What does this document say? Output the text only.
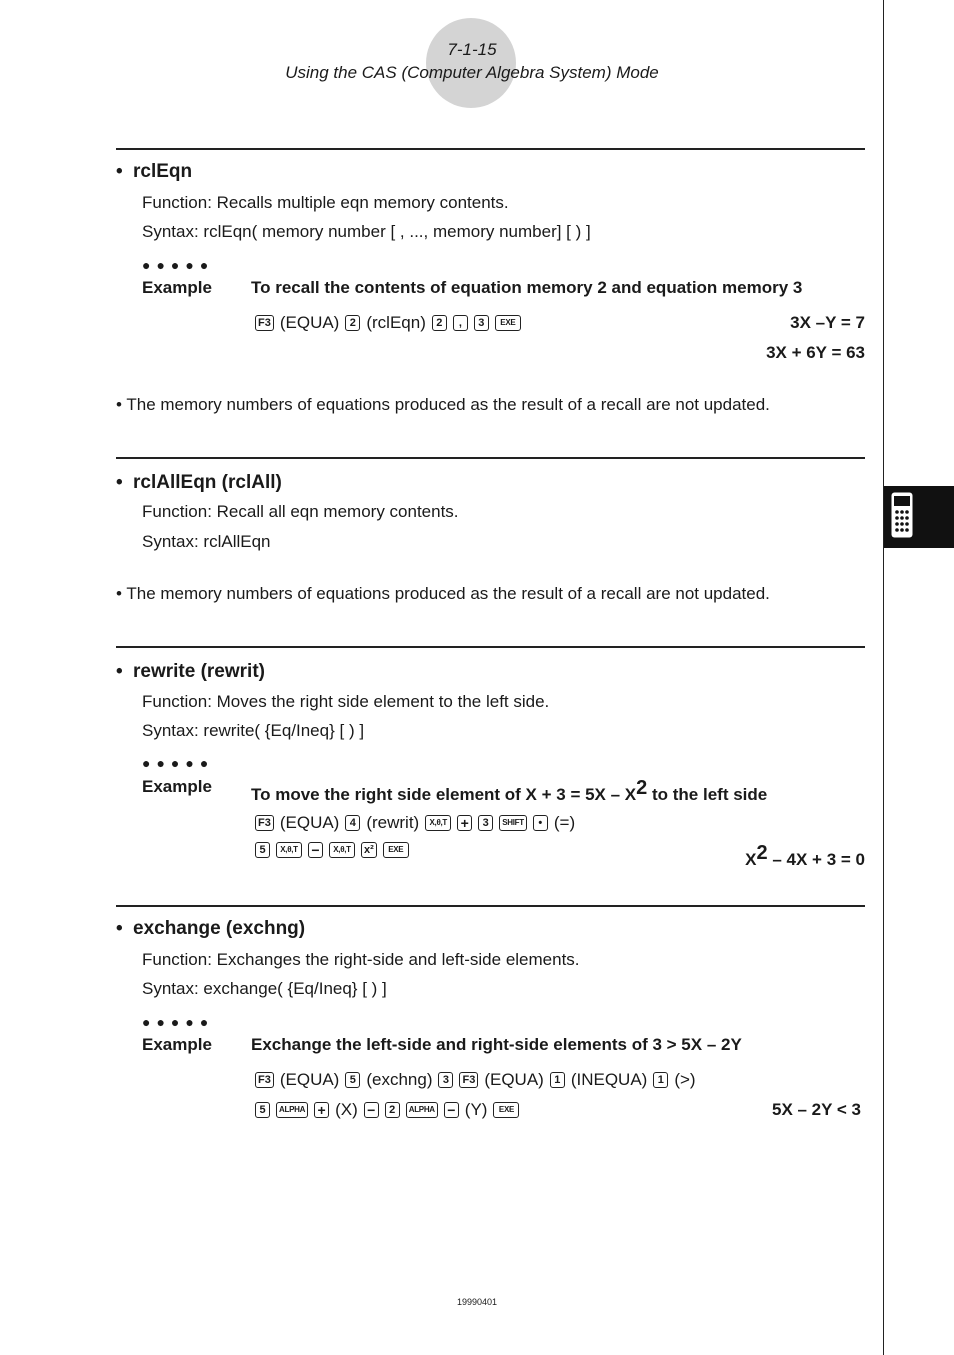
7-1-15
Using the CAS (Computer Algebra System) Mode
• rclEqn
Function: Recalls multiple eqn memory contents.
Syntax: rclEqn( memory number [ , ..., memory number] [ ) ]
●●●●●
Example To recall the contents of equation memory 2 and equation memory 3
F3 (EQUA) 2 (rclEqn) 2	,	3	EXE	3X –Y = 7
3X + 6Y = 63
• The memory numbers of equations produced as the result of a recall are not updated.
• rclAllEqn (rclAll)
Function: Recall all eqn memory contents.
Syntax: rclAllEqn
• The memory numbers of equations produced as the result of a recall are not updated.
• rewrite (rewrit)
Function: Moves the right side element to the left side.
Syntax: rewrite( {Eq/Ineq} [ ) ]
●●●●●
Example To move the right side element of $X + 3 = 5X - X^2$ to the left side
F3 (EQUA) 4 (rewrit)	X,θ,T +	3	SHIFT	• (=)
5	X,θ,T −	X,θ,T	x²	EXE
$X^2 - 4X + 3 = 0$
• exchange (exchng)
Function: Exchanges the right-side and left-side elements.
Syntax: exchange( {Eq/Ineq} [ ) ]
●●●●●
Example Exchange the left-side and right-side elements of 3 > 5X – 2Y
F3 (EQUA) 5 (exchng) 3	F3 (EQUA) 1 (INEQUA) 1 (>)
5	ALPHA + (X) −	2	ALPHA − (Y)	EXE	5X – 2Y < 3
19990401
